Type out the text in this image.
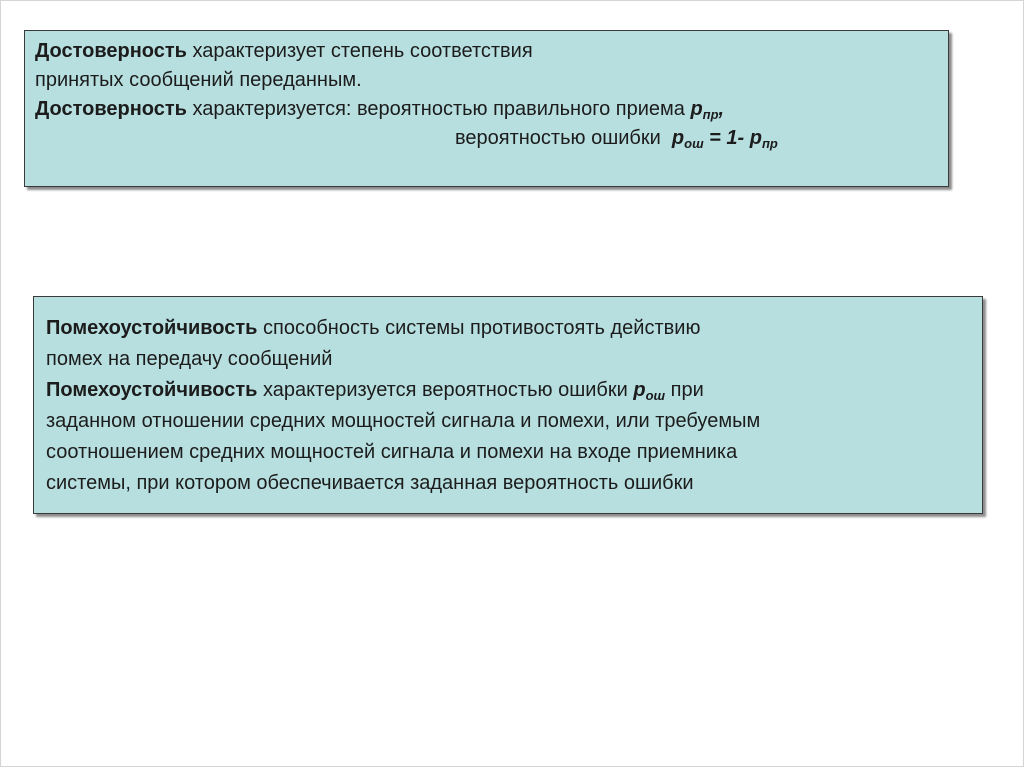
Достоверность характеризует степень соответствия
принятых сообщений переданным.
Достоверность характеризуется: вероятностью правильного приема $р_{пр}$,
вероятностью ошибки  $р_{ош} = 1-$ $р_{пр}$
Помехоустойчивость способность системы противостоять действию
помех на передачу сообщений
Помехоустойчивость характеризуется вероятностью ошибки $р_{ош}$ при
заданном отношении средних мощностей сигнала и помехи, или требуемым
соотношением средних мощностей сигнала и помехи на входе приемника
системы, при котором обеспечивается заданная вероятность ошибки
